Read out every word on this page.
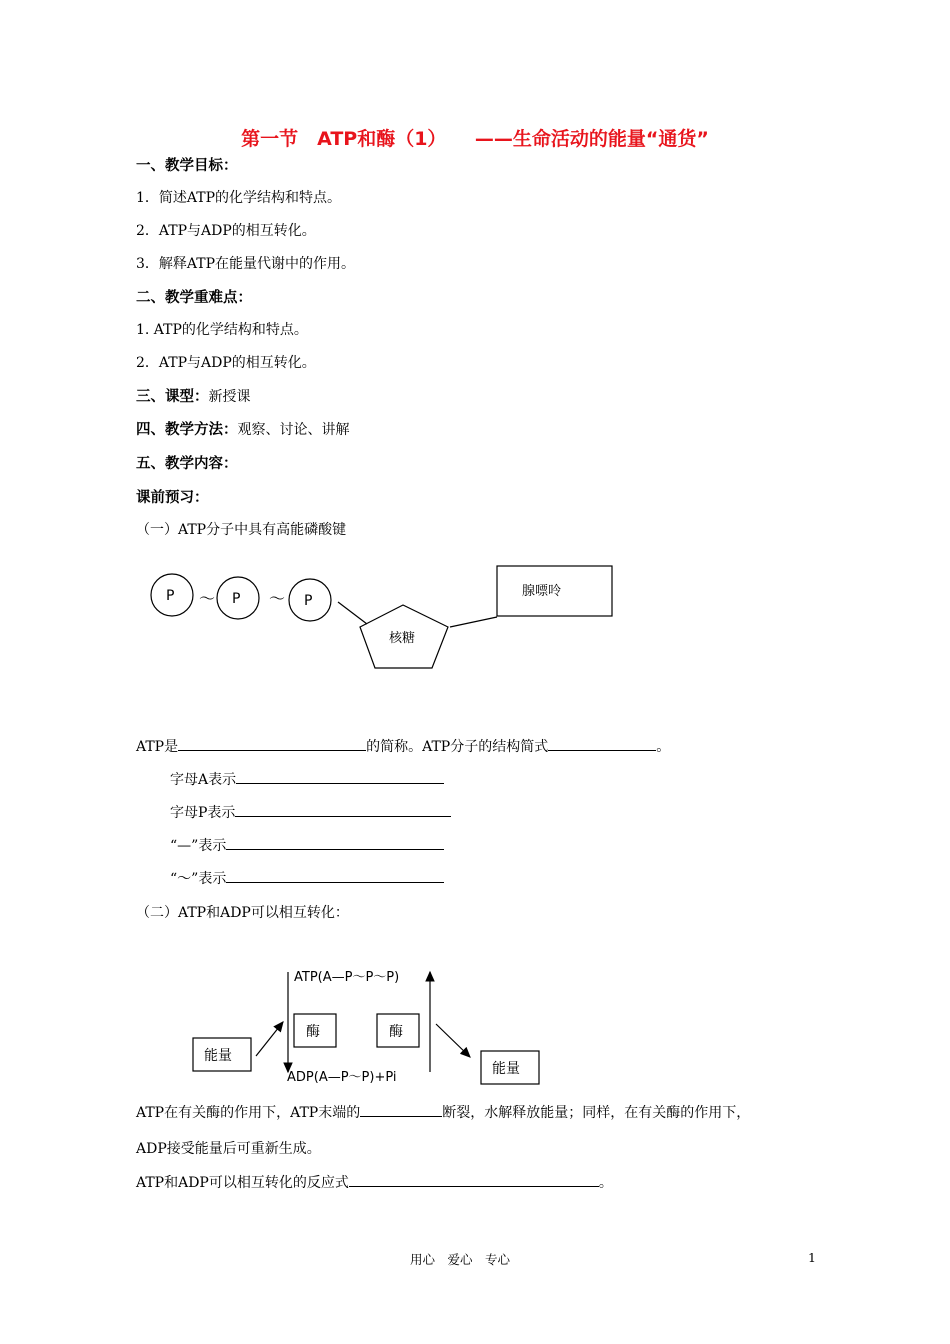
第一节　ATP和酶（1）　　——生命活动的能量“通货”
一、教学目标：
1．简述ATP的化学结构和特点。
2．ATP与ADP的相互转化。
3．解释ATP在能量代谢中的作用。
二、教学重难点：
1. ATP的化学结构和特点。
2．ATP与ADP的相互转化。
三、课型：新授课
四、教学方法：观察、讨论、讲解
五、教学内容：
课前预习：
（一）ATP分子中具有高能磷酸键
P ～ P ～ P
核糖
腺嘌呤
ATP是	的简称。ATP分子的结构简式	。
字母A表示
字母P表示
“—”表示
“～”表示
（二）ATP和ADP可以相互转化：
ATP(A—P～P～P)
酶	酶
能量
能量
ADP(A—P～P)+Pi
ATP在有关酶的作用下，ATP末端的	断裂，水解释放能量；同样，在有关酶的作用下，
ADP接受能量后可重新生成。
ATP和ADP可以相互转化的反应式	。
用心　爱心　专心	1
